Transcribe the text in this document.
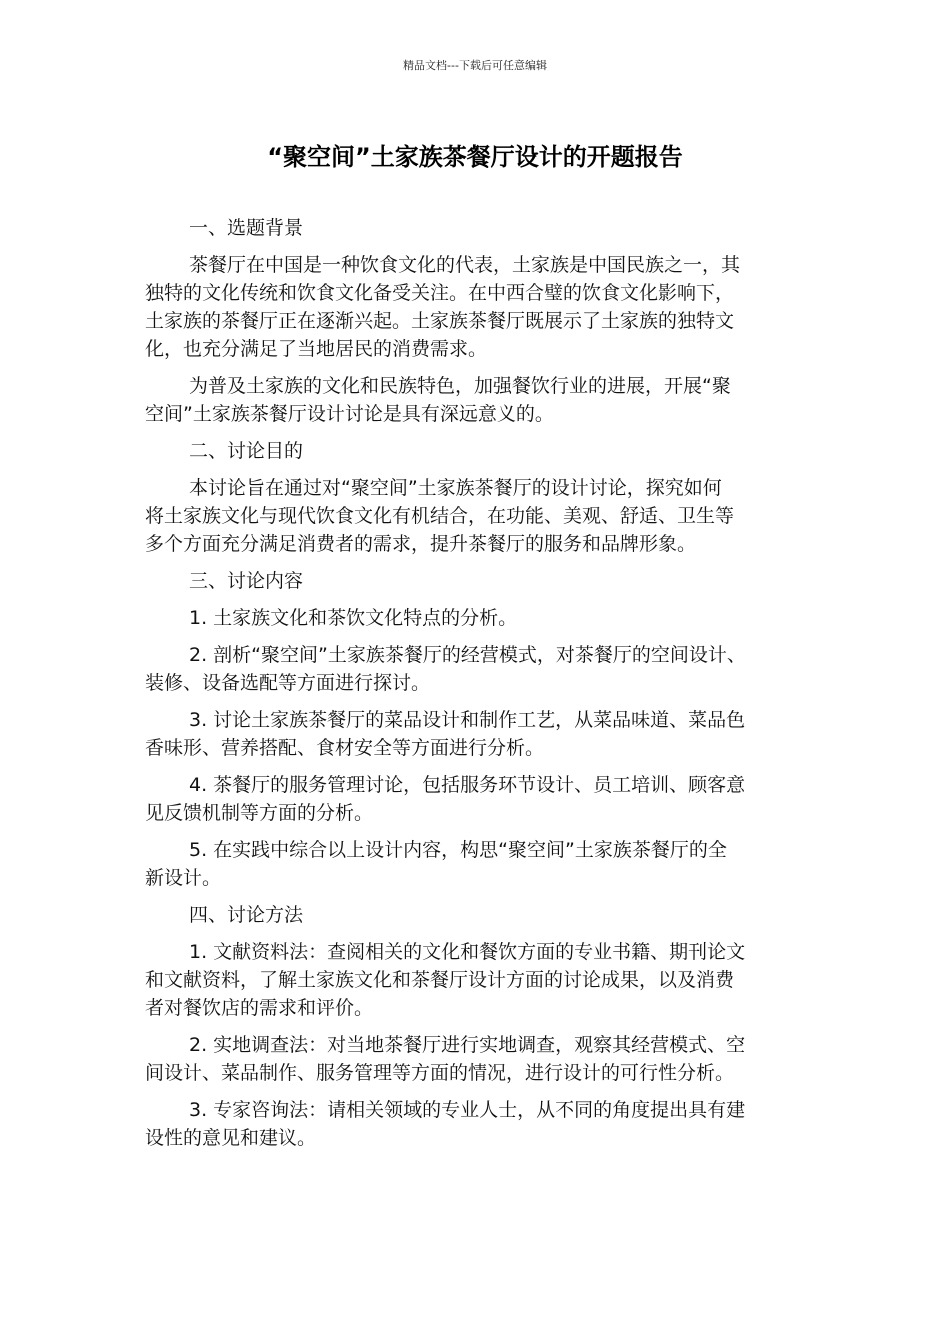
精品文档---下载后可任意编辑
“聚空间”土家族茶餐厅设计的开题报告

一、选题背景

茶餐厅在中国是一种饮食文化的代表，土家族是中国民族之一，其
独特的文化传统和饮食文化备受关注。在中西合璧的饮食文化影响下，
土家族的茶餐厅正在逐渐兴起。土家族茶餐厅既展示了土家族的独特文
化，也充分满足了当地居民的消费需求。

为普及土家族的文化和民族特色，加强餐饮行业的进展，开展“聚
空间”土家族茶餐厅设计讨论是具有深远意义的。

二、讨论目的

本讨论旨在通过对“聚空间”土家族茶餐厅的设计讨论，探究如何
将土家族文化与现代饮食文化有机结合，在功能、美观、舒适、卫生等
多个方面充分满足消费者的需求，提升茶餐厅的服务和品牌形象。

三、讨论内容

1. 土家族文化和茶饮文化特点的分析。

2. 剖析“聚空间”土家族茶餐厅的经营模式，对茶餐厅的空间设计、
装修、设备选配等方面进行探讨。

3. 讨论土家族茶餐厅的菜品设计和制作工艺，从菜品味道、菜品色
香味形、营养搭配、食材安全等方面进行分析。

4. 茶餐厅的服务管理讨论，包括服务环节设计、员工培训、顾客意
见反馈机制等方面的分析。

5. 在实践中综合以上设计内容，构思“聚空间”土家族茶餐厅的全
新设计。

四、讨论方法

1. 文献资料法：查阅相关的文化和餐饮方面的专业书籍、期刊论文
和文献资料，了解土家族文化和茶餐厅设计方面的讨论成果，以及消费
者对餐饮店的需求和评价。

2. 实地调查法：对当地茶餐厅进行实地调查，观察其经营模式、空
间设计、菜品制作、服务管理等方面的情况，进行设计的可行性分析。

3. 专家咨询法：请相关领域的专业人士，从不同的角度提出具有建
设性的意见和建议。
